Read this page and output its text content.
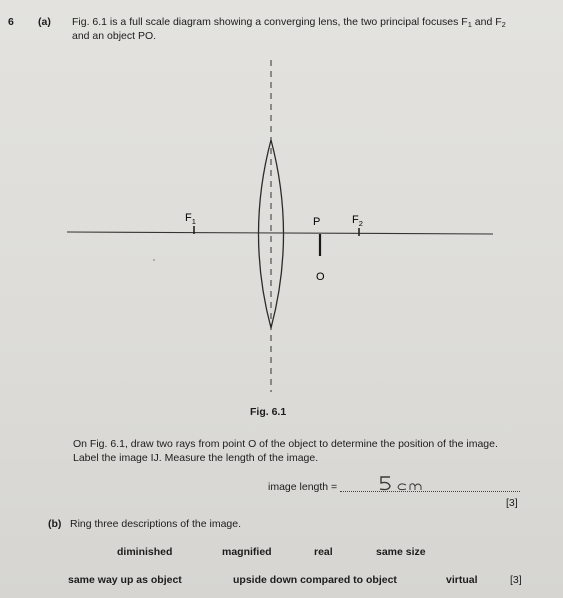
6 (a) Fig. 6.1 is a full scale diagram showing a converging lens, the two principal focuses $F_1$ and $F_2$
and an object PO.
$F_1$	P	$F_2$
O
Fig. 6.1
On Fig. 6.1, draw two rays from point O of the object to determine the position of the image.
Label the image IJ. Measure the length of the image.
image length =
[3]
(b) Ring three descriptions of the image.
diminished	magnified	real	same size
same way up as object	upside down compared to object	virtual	[3]
